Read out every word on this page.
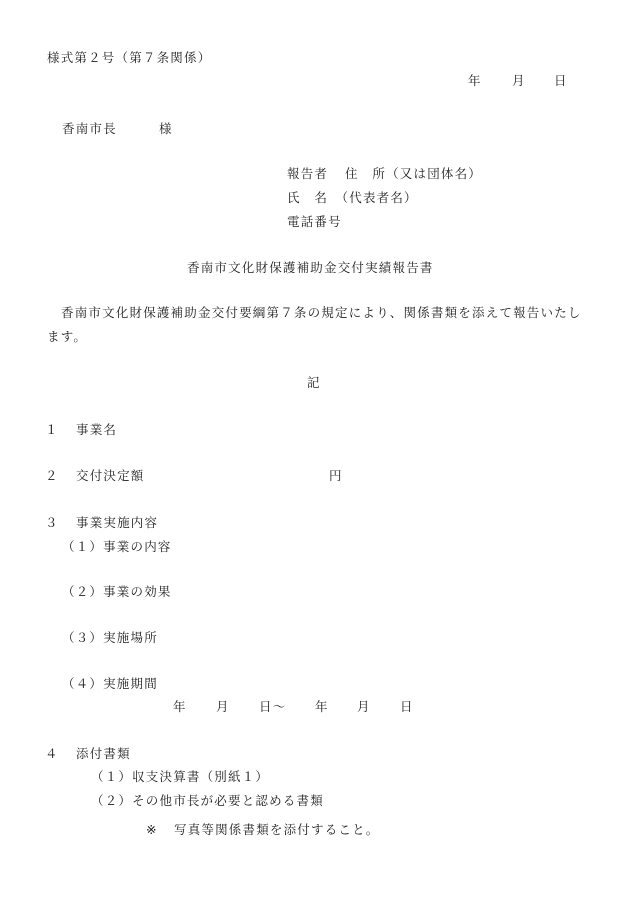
様式第２号（第７条関係）
年 月 日
香南市長	様
報告者 住　所（又は団体名）
氏　名　（代表者名）
電話番号
香南市文化財保護補助金交付実績報告書
香南市文化財保護補助金交付要綱第７条の規定により、関係書類を添えて報告いたします。
記
１ 事業名
２ 交付決定額	円
３ 事業実施内容
（１）事業の内容
（２）事業の効果
（３）実施場所
（４）実施期間
年 月 日～ 年 月 日
４ 添付書類
（１）収支決算書（別紙１）
（２）その他市長が必要と認める書類
※ 写真等関係書類を添付すること。
